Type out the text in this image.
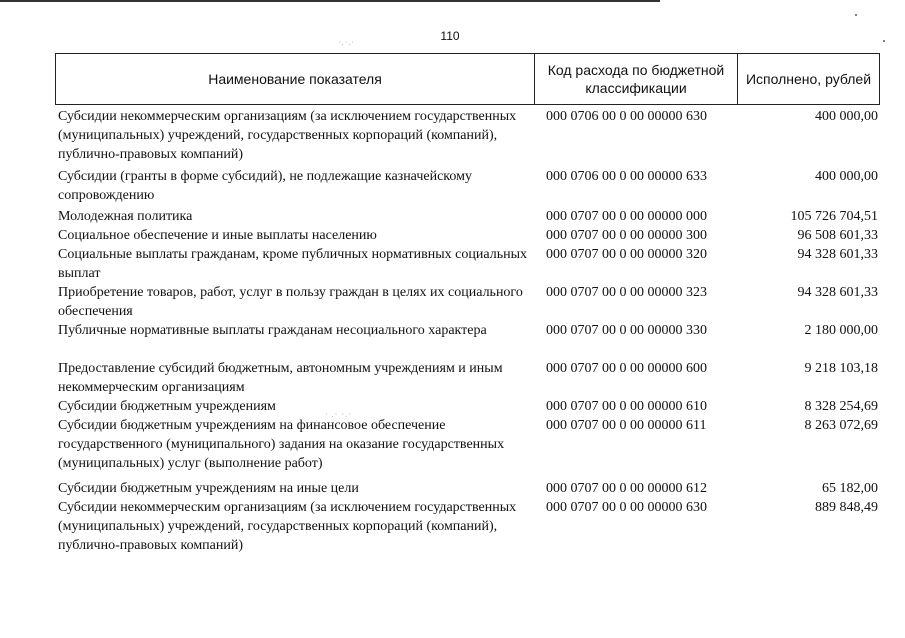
·.·.·
· .· ·.·
110
Наименование показателя
Код расхода по бюджетной классификации
Исполнено, рублей
Субсидии некоммерческим организациям (за исключением государственных (муниципальных) учреждений, государственных корпораций (компаний), публично-правовых компаний)
000 0706 00 0 00 00000 630	400 000,00
Субсидии (гранты в форме субсидий), не подлежащие казначейскому сопровождению
000 0706 00 0 00 00000 633	400 000,00
Молодежная политика	000 0707 00 0 00 00000 000	105 726 704,51
Социальное обеспечение и иные выплаты населению	000 0707 00 0 00 00000 300	96 508 601,33
Социальные выплаты гражданам, кроме публичных нормативных социальных выплат
000 0707 00 0 00 00000 320	94 328 601,33
Приобретение товаров, работ, услуг в пользу граждан в целях их социального обеспечения
000 0707 00 0 00 00000 323	94 328 601,33
Публичные нормативные выплаты гражданам несоциального характера	000 0707 00 0 00 00000 330	2 180 000,00
Предоставление субсидий бюджетным, автономным учреждениям и иным некоммерческим организациям
000 0707 00 0 00 00000 600	9 218 103,18
Субсидии бюджетным учреждениям	000 0707 00 0 00 00000 610	8 328 254,69
Субсидии бюджетным учреждениям на финансовое обеспечение государственного (муниципального) задания на оказание государственных (муниципальных) услуг (выполнение работ)
000 0707 00 0 00 00000 611	8 263 072,69
Субсидии бюджетным учреждениям на иные цели	000 0707 00 0 00 00000 612	65 182,00
Субсидии некоммерческим организациям (за исключением государственных (муниципальных) учреждений, государственных корпораций (компаний), публично-правовых компаний)
000 0707 00 0 00 00000 630	889 848,49
